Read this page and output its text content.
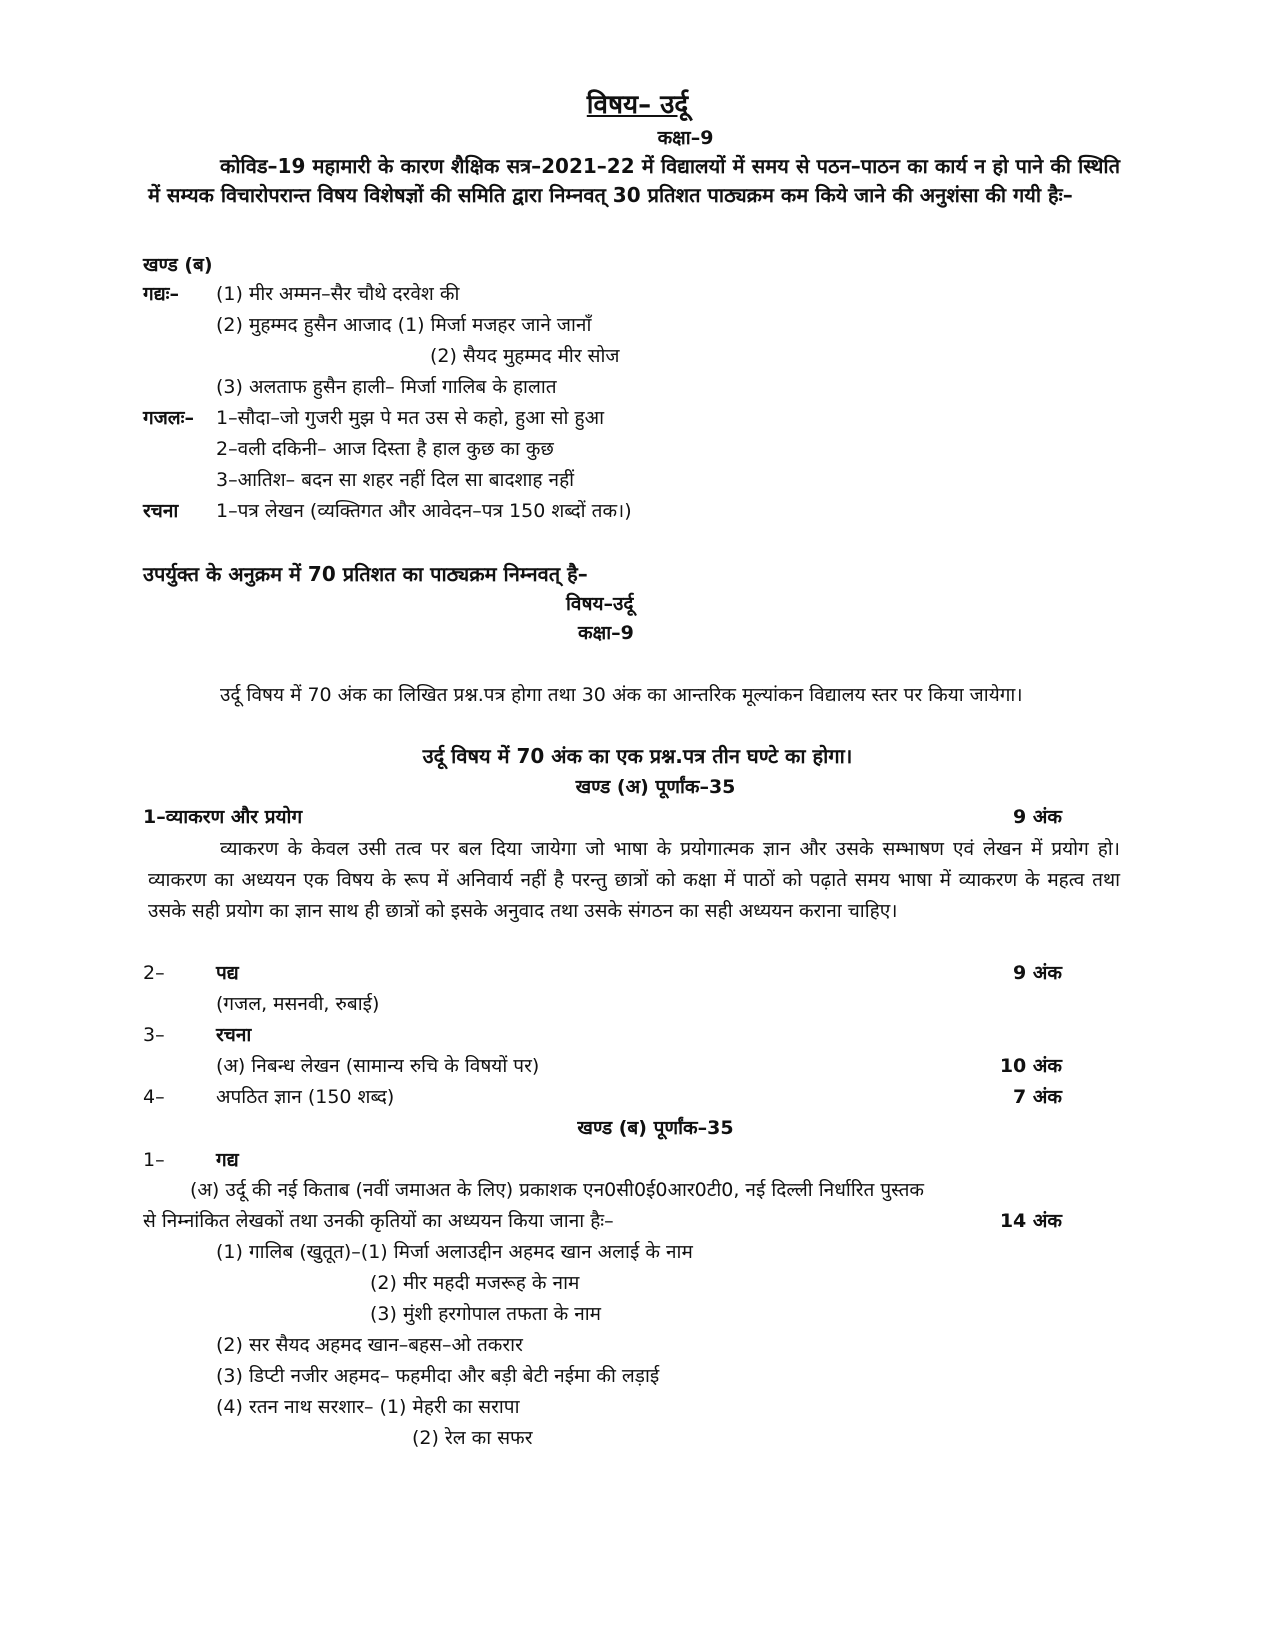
विषय– उर्दू
कक्षा–9
कोविड–19 महामारी के कारण शैक्षिक सत्र–2021–22 में विद्यालयों में समय से पठन–पाठन का कार्य न हो पाने की स्थिति में सम्यक विचारोपरान्त विषय विशेषज्ञों की समिति द्वारा निम्नवत् 30 प्रतिशत पाठ्यक्रम कम किये जाने की अनुशंसा की गयी हैः–
खण्ड (ब)
गद्यः– (1) मीर अम्मन–सैर चौथे दरवेश की
(2) मुहम्मद हुसैन आजाद (1) मिर्जा मजहर जाने जानाँ
(2) सैयद मुहम्मद मीर सोज
(3) अलताफ हुसैन हाली– मिर्जा गालिब के हालात
गजलः– 1–सौदा–जो गुजरी मुझ पे मत उस से कहो, हुआ सो हुआ
2–वली दकिनी– आज दिस्ता है हाल कुछ का कुछ
3–आतिश– बदन सा शहर नहीं दिल सा बादशाह नहीं
रचना 1–पत्र लेखन (व्यक्तिगत और आवेदन–पत्र 150 शब्दों तक।)
उपर्युक्त के अनुक्रम में 70 प्रतिशत का पाठ्यक्रम निम्नवत् है–
विषय–उर्दू
कक्षा–9
उर्दू विषय में 70 अंक का लिखित प्रश्न.पत्र होगा तथा 30 अंक का आन्तरिक मूल्यांकन विद्यालय स्तर पर किया जायेगा।
उर्दू विषय में 70 अंक का एक प्रश्न.पत्र तीन घण्टे का होगा।
खण्ड (अ) पूर्णांक–35
1–व्याकरण और प्रयोग	9 अंक
व्याकरण के केवल उसी तत्व पर बल दिया जायेगा जो भाषा के प्रयोगात्मक ज्ञान और उसके सम्भाषण एवं लेखन में प्रयोग हो। व्याकरण का अध्ययन एक विषय के रूप में अनिवार्य नहीं है परन्तु छात्रों को कक्षा में पाठों को पढ़ाते समय भाषा में व्याकरण के महत्व तथा उसके सही प्रयोग का ज्ञान साथ ही छात्रों को इसके अनुवाद तथा उसके संगठन का सही अध्ययन कराना चाहिए।
2–	पद्य	9 अंक
(गजल, मसनवी, रुबाई)
3–	रचना
(अ) निबन्ध लेखन (सामान्य रुचि के विषयों पर)	10 अंक
4–	अपठित ज्ञान (150 शब्द)	7 अंक
खण्ड (ब) पूर्णांक–35
1–	गद्य
(अ) उर्दू की नई किताब (नवीं जमाअत के लिए) प्रकाशक एन0सी0ई0आर0टी0, नई दिल्ली निर्धारित पुस्तक
से निम्नांकित लेखकों तथा उनकी कृतियों का अध्ययन किया जाना हैः–	14 अंक
(1) गालिब (खुतूत)–(1) मिर्जा अलाउद्दीन अहमद खान अलाई के नाम
(2) मीर महदी मजरूह के नाम
(3) मुंशी हरगोपाल तफता के नाम
(2) सर सैयद अहमद खान–बहस–ओ तकरार
(3) डिप्टी नजीर अहमद– फहमीदा और बड़ी बेटी नईमा की लड़ाई
(4) रतन नाथ सरशार– (1) मेहरी का सरापा
(2) रेल का सफर
